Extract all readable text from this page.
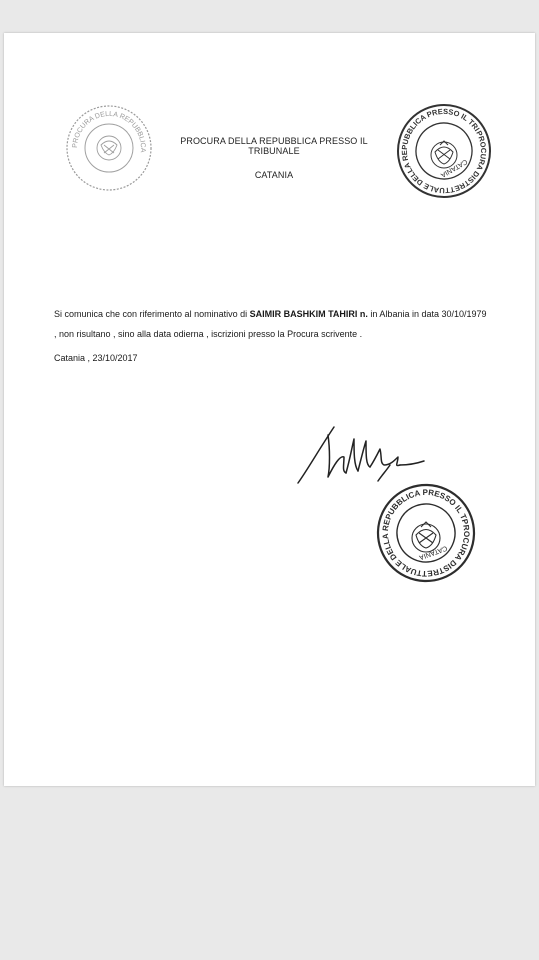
PROCURA DELLA REPUBBLICA
PROCURA DELLA REPUBBLICA PRESSO IL TRIBUNALE
CATANIA
PROCURA DISTRETTUALE DELLA REPUBBLICA PRESSO IL TRIBUNALE
CATANIA
Si comunica che con riferimento al nominativo di SAIMIR BASHKIM TAHIRI n. in Albania in data 30/10/1979
, non risultano , sino alla data odierna , iscrizioni presso la Procura scrivente .
Catania , 23/10/2017
PROCURA DISTRETTUALE DELLA REPUBBLICA PRESSO IL TRIBUNALE
CATANIA
